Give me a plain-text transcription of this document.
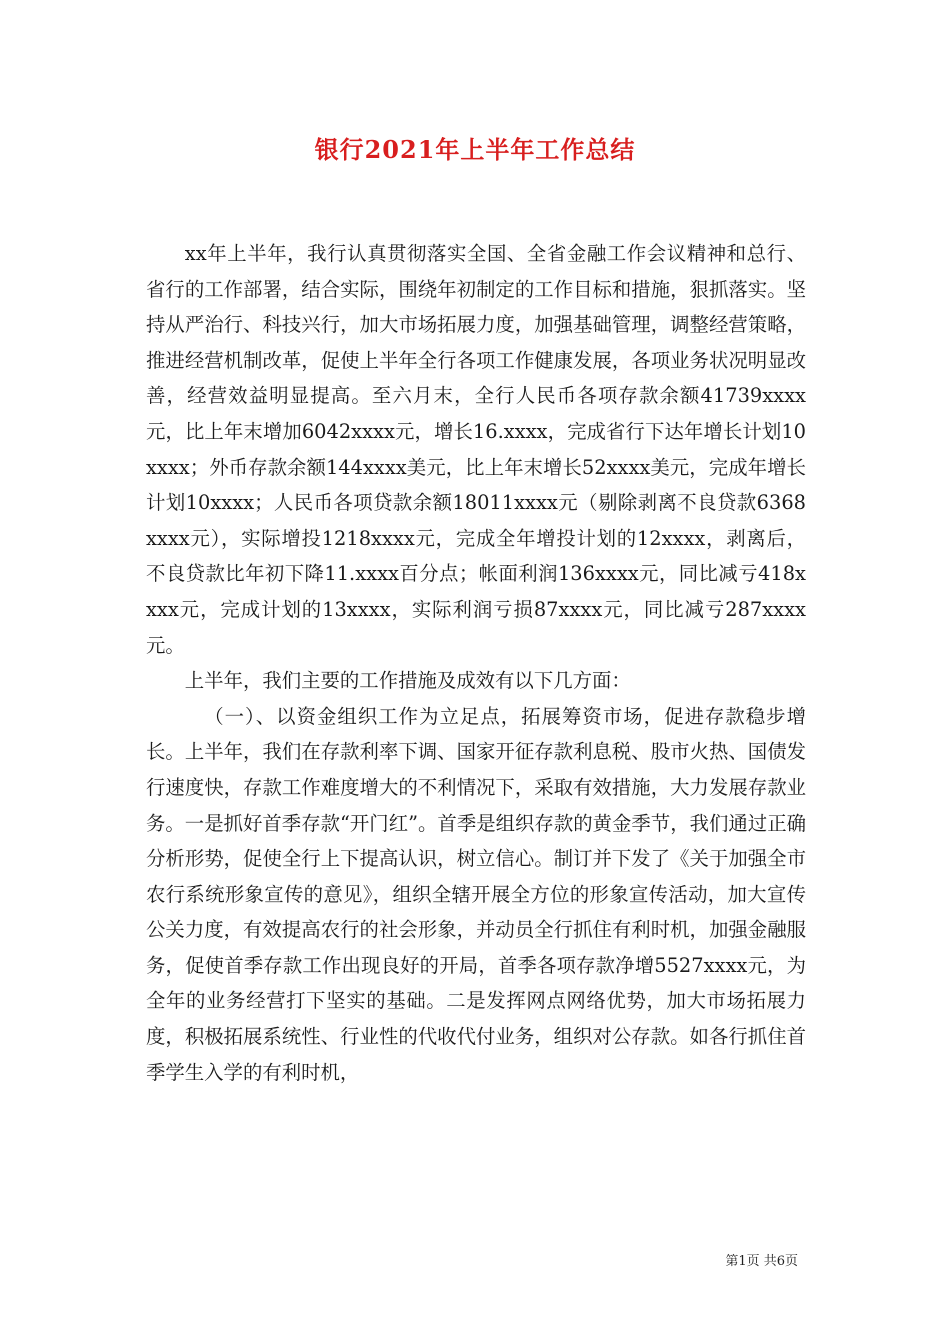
银行2021年上半年工作总结

xx年上半年，我行认真贯彻落实全国、全省金融工作会议精神和总行、省行的工作部署，结合实际，围绕年初制定的工作目标和措施，狠抓落实。坚持从严治行、科技兴行，加大市场拓展力度，加强基础管理，调整经营策略，推进经营机制改革，促使上半年全行各项工作健康发展，各项业务状况明显改善，经营效益明显提高。至六月末，全行人民币各项存款余额41739xxxx元，比上年末增加6042xxxx元，增长16.xxxx，完成省行下达年增长计划10xxxx；外币存款余额144xxxx美元，比上年末增长52xxxx美元，完成年增长计划10xxxx；人民币各项贷款余额18011xxxx元（剔除剥离不良贷款6368xxxx元），实际增投1218xxxx元，完成全年增投计划的12xxxx，剥离后，不良贷款比年初下降11.xxxx百分点；帐面利润136xxxx元，同比减亏418xxxx元，完成计划的13xxxx，实际利润亏损87xxxx元，同比减亏287xxxx元。

上半年，我们主要的工作措施及成效有以下几方面：

（一）、以资金组织工作为立足点，拓展筹资市场，促进存款稳步增长。上半年，我们在存款利率下调、国家开征存款利息税、股市火热、国债发行速度快，存款工作难度增大的不利情况下，采取有效措施，大力发展存款业务。一是抓好首季存款“开门红”。首季是组织存款的黄金季节，我们通过正确分析形势，促使全行上下提高认识，树立信心。制订并下发了《关于加强全市农行系统形象宣传的意见》，组织全辖开展全方位的形象宣传活动，加大宣传公关力度，有效提高农行的社会形象，并动员全行抓住有利时机，加强金融服务，促使首季存款工作出现良好的开局，首季各项存款净增5527xxxx元，为全年的业务经营打下坚实的基础。二是发挥网点网络优势，加大市场拓展力度，积极拓展系统性、行业性的代收代付业务，组织对公存款。如各行抓住首季学生入学的有利时机，

第1页 共6页
